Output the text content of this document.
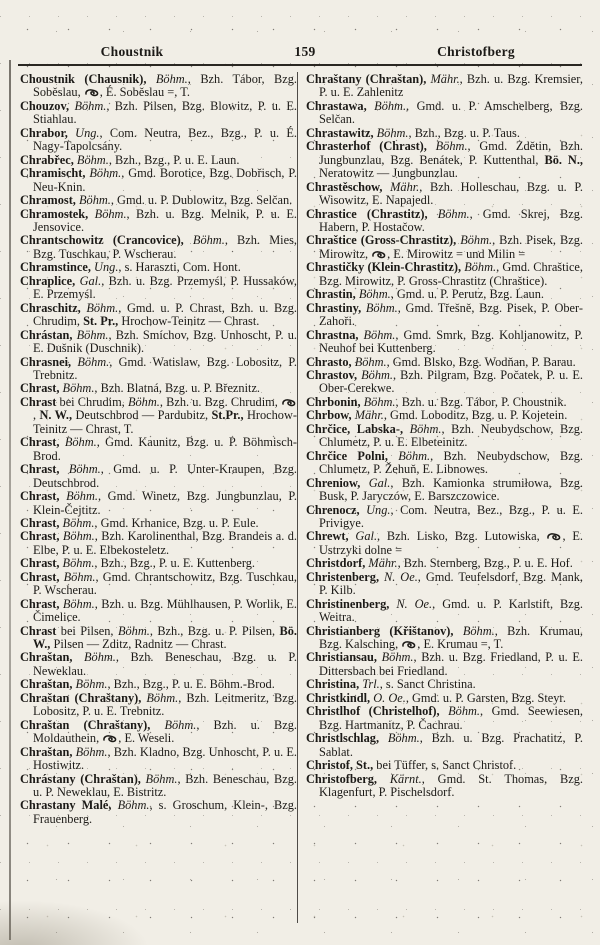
Choustnik	159	Christofberg

Choustnik (Chausnik), Böhm., Bzh. Tábor, Bzg. Soběslau, , É. Soběslau =, T.

Chouzov, Böhm., Bzh. Pilsen, Bzg. Blowitz, P. u. E. Stiahlau.

Chrabor, Ung., Com. Neutra, Bez., Bzg., P. u. É. Nagy-Tapolcsány.

Chrabřec, Böhm., Bzh., Bzg., P. u. E. Laun.

Chramischt, Böhm., Gmd. Borotice, Bzg. Dobřisch, P. Neu-Knin.

Chramost, Böhm., Gmd. u. P. Dublowitz, Bzg. Selčan.

Chramostek, Böhm., Bzh. u. Bzg. Melnik, P. u. E. Jensovice.

Chrantschowitz (Crancovice), Böhm., Bzh. Mies, Bzg. Tuschkau, P. Wscherau.

Chramstince, Ung., s. Haraszti, Com. Hont.

Chraplice, Gal., Bzh. u. Bzg. Przemyśl, P. Hussaków, E. Przemyśl.

Chraschitz, Böhm., Gmd. u. P. Chrast, Bzh. u. Bzg. Chrudim, St. Pr., Hrochow-Teinitz — Chrast.

Chrástan, Böhm., Bzh. Smíchov, Bzg. Unhoscht, P. u. E. Dušnik (Duschnik).

Chrasnei, Böhm., Gmd. Watislaw, Bzg. Lobositz, P. Trebnitz.

Chrast, Böhm., Bzh. Blatná, Bzg. u. P. Březnitz.

Chrast bei Chrudim, Böhm., Bzh. u. Bzg. Chrudim, , N. W., Deutschbrod — Pardubitz, St.Pr., Hrochow-Teinitz — Chrast, T.

Chrast, Böhm., Gmd. Kaunitz, Bzg. u. P. Böhmisch-Brod.

Chrast, Böhm., Gmd. u. P. Unter-Kraupen, Bzg. Deutschbrod.

Chrast, Böhm., Gmd. Winetz, Bzg. Jungbunzlau, P. Klein-Čejtitz.

Chrast, Böhm., Gmd. Krhanice, Bzg. u. P. Eule.

Chrast, Böhm., Bzh. Karolinenthal, Bzg. Brandeis a. d. Elbe, P. u. E. Elbekosteletz.

Chrast, Böhm., Bzh., Bzg., P. u. E. Kuttenberg.

Chrast, Böhm., Gmd. Chrantschowitz, Bzg. Tuschkau, P. Wscherau.

Chrast, Böhm., Bzh. u. Bzg. Mühlhausen, P. Worlik, E. Čimelice.

Chrast bei Pilsen, Böhm., Bzh., Bzg. u. P. Pilsen, Bö. W., Pilsen — Zditz, Radnitz — Chrast.

Chraštan, Böhm., Bzh. Beneschau, Bzg. u. P. Neweklau.

Chraštan, Böhm., Bzh., Bzg., P. u. E. Böhm.-Brod.

Chraštan (Chraštany), Böhm., Bzh. Leitmeritz, Bzg. Lobositz, P. u. E. Trebnitz.

Chraštan (Chraštany), Böhm., Bzh. u. Bzg. Moldauthein, , E. Weseli.

Chraštan, Böhm., Bzh. Kladno, Bzg. Unhoscht, P. u. E. Hostiwitz.

Chrástany (Chraštan), Böhm., Bzh. Beneschau, Bzg. u. P. Neweklau, E. Bistritz.

Chrastany Malé, Böhm., s. Groschum, Klein-, Bzg. Frauenberg.

Chraštany (Chraštan), Mähr., Bzh. u. Bzg. Kremsier, P. u. E. Zahlenitz

Chrastawa, Böhm., Gmd. u. P. Amschelberg, Bzg. Selčan.

Chrastawitz, Böhm., Bzh., Bzg. u. P. Taus.

Chrasterhof (Chrast), Böhm., Gmd. Zdětin, Bzh. Jungbunzlau, Bzg. Benátek, P. Kuttenthal, Bö. N., Neratowitz — Jungbunzlau.

Chrastěschow, Mähr., Bzh. Holleschau, Bzg. u. P. Wisowitz, E. Napajedl.

Chrastice (Chrastitz), Böhm., Gmd. Skrej, Bzg. Habern, P. Hostačow.

Chraštice (Gross-Chrastitz), Böhm., Bzh. Pisek, Bzg. Mirowitz, , E. Mirowitz = und Milin =

Chrastičky (Klein-Chrastitz), Böhm., Gmd. Chraštice, Bzg. Mirowitz, P. Gross-Chrastitz (Chraštice).

Chrastin, Böhm., Gmd. u. P. Perutz, Bzg. Laun.

Chrastiny, Böhm., Gmd. Třešně, Bzg. Pisek, P. Ober-Zahoři.

Chrastna, Böhm., Gmd. Smrk, Bzg. Kohljanowitz, P. Neuhof bei Kuttenberg.

Chrasto, Böhm., Gmd. Blsko, Bzg. Wodňan, P. Barau.

Chrastov, Böhm., Bzh. Pilgram, Bzg. Počatek, P. u. E. Ober-Cerekwe.

Chrbonin, Böhm., Bzh. u. Bzg. Tábor, P. Choustnik.

Chrbow, Mähr., Gmd. Loboditz, Bzg. u. P. Kojetein.

Chrčice, Labska-, Böhm., Bzh. Neubydschow, Bzg. Chlumetz, P. u. E. Elbeteinitz.

Chrčice Polni, Böhm., Bzh. Neubydschow, Bzg. Chlumetz, P. Žehuň, E. Libnowes.

Chreniow, Gal., Bzh. Kamionka strumiłowa, Bzg. Busk, P. Jaryczów, E. Barszczowice.

Chrenocz, Ung., Com. Neutra, Bez., Bzg., P. u. E. Privigye.

Chrewt, Gal., Bzh. Lisko, Bzg. Lutowiska, , E. Ustrzyki dolne =

Christdorf, Mähr., Bzh. Sternberg, Bzg., P. u. E. Hof.

Christenberg, N. Oe., Gmd. Teufelsdorf, Bzg. Mank, P. Kilb.

Christinenberg, N. Oe., Gmd. u. P. Karlstift, Bzg. Weitra.

Christianberg (Křištanov), Böhm., Bzh. Krumau, Bzg. Kalsching, , E. Krumau =, T.

Christiansau, Böhm., Bzh. u. Bzg. Friedland, P. u. E. Dittersbach bei Friedland.

Christina, Trl., s. Sanct Christina.

Christkindl, O. Oe., Gmd. u. P. Garsten, Bzg. Steyr.

Christlhof (Christelhof), Böhm., Gmd. Seewiesen, Bzg. Hartmanitz, P. Čachrau.

Christlschlag, Böhm., Bzh. u. Bzg. Prachatitz, P. Sablat.

Christof, St., bei Tüffer, s. Sanct Christof.

Christofberg, Kärnt., Gmd. St. Thomas, Bzg. Klagenfurt, P. Pischelsdorf.
